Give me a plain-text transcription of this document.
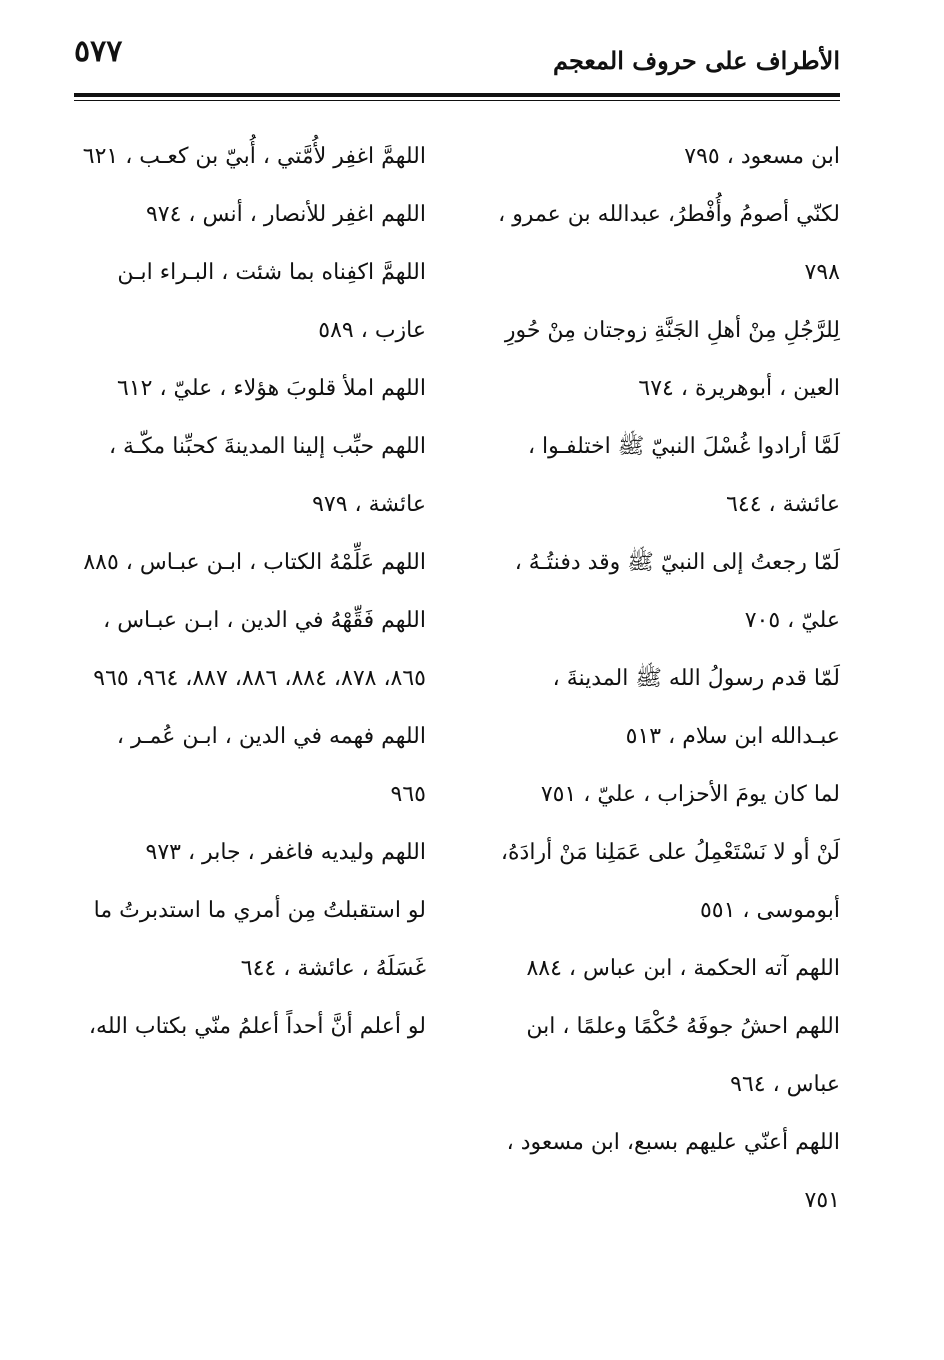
٥٧٧	الأطراف على حروف المعجم

ابن مسعود ، ٧٩٥

لكنّي أصومُ وأُفْطرُ، عبدالله بن عمرو ، ٧٩٨

لِلرَّجُلِ مِنْ أهلِ الجَنَّةِ زوجتان مِنْ حُورِ العين ، أبوهريرة ، ٦٧٤

لَمَّا أرادوا غُسْلَ النبيّ ﷺ اختلفـوا ، عائشة ، ٦٤٤

لَمّا رجعتُ إلى النبيّ ﷺ وقد دفنتُـهُ ، عليّ ، ٧٠٥

لَمّا قدم رسولُ الله ﷺ المدينةَ ، عبـدالله ابن سلام ، ٥١٣

لما كان يومَ الأحزاب ، عليّ ، ٧٥١

لَنْ أو لا نَسْتَعْمِلُ على عَمَلِنا مَنْ أرادَهُ، أبوموسى ، ٥٥١

اللهم آته الحكمة ، ابن عباس ، ٨٨٤

اللهم احشُ جوفَهُ حُكْمًا وعلمًا ، ابن عباس ، ٩٦٤

اللهم أعنّي عليهم بسبع، ابن مسعود ، ٧٥١

اللهمَّ اغفِر لأُمَّتي ، أُبيّ بن كعـب ، ٦٢١

اللهم اغفِر للأنصار ، أنس ، ٩٧٤

اللهمَّ اكفِناه بما شئت ، البـراء ابـن عازب ، ٥٨٩

اللهم املأ قلوبَ هؤلاء ، عليّ ، ٦١٢

اللهم حبِّب إلينا المدينةَ كحبِّنا مكّـة ، عائشة ، ٩٧٩

اللهم عَلِّمْهُ الكتاب ، ابـن عبـاس ، ٨٨٥

اللهم فَقِّهْهُ في الدين ، ابـن عبـاس ، ٨٦٥، ٨٧٨، ٨٨٤، ٨٨٦، ٨٨٧، ٩٦٤، ٩٦٥

اللهم فهمه في الدين ، ابـن عُمـر ، ٩٦٥

اللهم وليديه فاغفر ، جابر ، ٩٧٣

لو استقبلتُ مِن أمري ما استدبرتُ ما غَسَلَهُ ، عائشة ، ٦٤٤

لو أعلم أنَّ أحداً أعلمُ منّي بكتاب الله،
